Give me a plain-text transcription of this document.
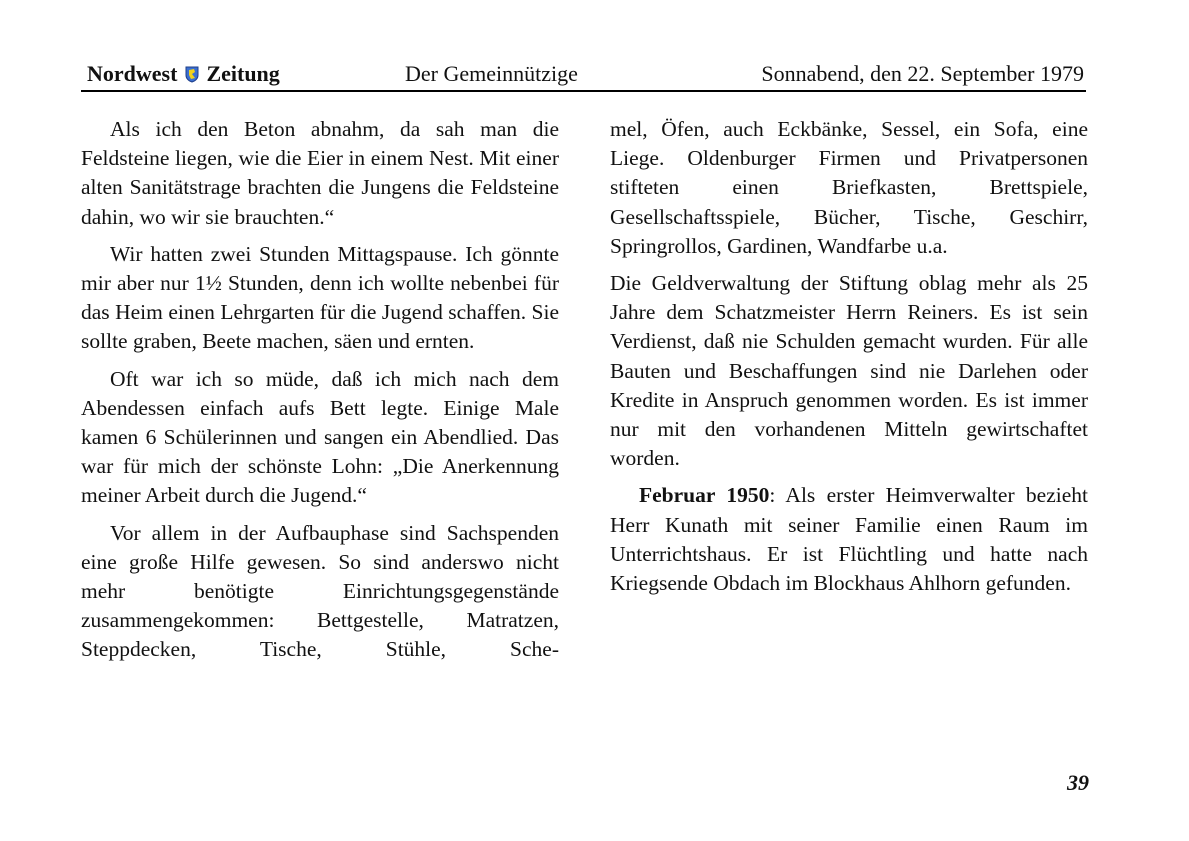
Nordwest Zeitung	Der Gemeinnützige	Sonnabend, den 22. September 1979

Als ich den Beton abnahm, da sah man die Feldsteine liegen, wie die Eier in einem Nest. Mit einer alten Sanitätstrage brachten die Jungens die Feldsteine dahin, wo wir sie brauchten.“

Wir hatten zwei Stunden Mittagspause. Ich gönnte mir aber nur 1½ Stunden, denn ich wollte nebenbei für das Heim einen Lehrgarten für die Jugend schaffen. Sie sollte graben, Beete machen, säen und ernten.

Oft war ich so müde, daß ich mich nach dem Abendessen einfach aufs Bett legte. Einige Male kamen 6 Schülerinnen und sangen ein Abendlied. Das war für mich der schönste Lohn: „Die Anerkennung meiner Arbeit durch die Jugend.“

Vor allem in der Aufbauphase sind Sachspenden eine große Hilfe gewesen. So sind anderswo nicht mehr benötigte Einrichtungsgegenstände zusammengekommen: Bettgestelle, Matratzen, Steppdecken, Tische, Stühle, Sche-

mel, Öfen, auch Eckbänke, Sessel, ein Sofa, eine Liege. Oldenburger Firmen und Privatpersonen stifteten einen Briefkasten, Brettspiele, Gesellschaftsspiele, Bücher, Tische, Geschirr, Springrollos, Gardinen, Wandfarbe u.a.

Die Geldverwaltung der Stiftung oblag mehr als 25 Jahre dem Schatzmeister Herrn Reiners. Es ist sein Verdienst, daß nie Schulden gemacht wurden. Für alle Bauten und Beschaffungen sind nie Darlehen oder Kredite in Anspruch genommen worden. Es ist immer nur mit den vorhandenen Mitteln gewirtschaftet worden.

Februar 1950: Als erster Heimverwalter bezieht Herr Kunath mit seiner Familie einen Raum im Unterrichtshaus. Er ist Flüchtling und hatte nach Kriegsende Obdach im Blockhaus Ahlhorn gefunden.

39
